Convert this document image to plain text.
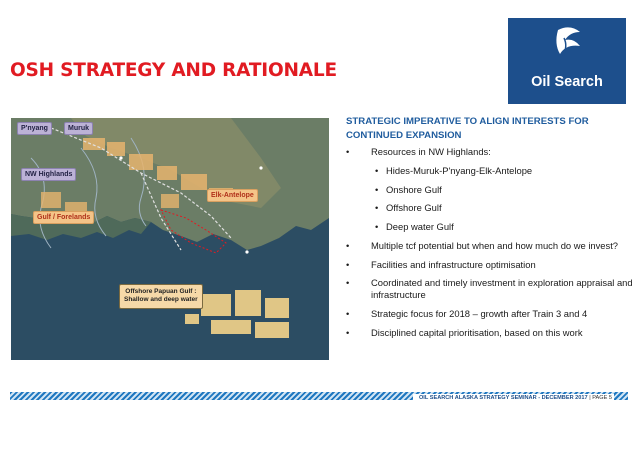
OSH STRATEGY AND RATIONALE
Oil Search
P'nyang	Muruk
NW Highlands
Gulf / Forelands
Elk-Antelope
Offshore Papuan Gulf :
Shallow and deep water
STRATEGIC IMPERATIVE TO ALIGN INTERESTS FOR
CONTINUED EXPANSION
• Resources in NW Highlands:
• Hides-Muruk-P'nyang-Elk-Antelope
• Onshore Gulf
• Offshore Gulf
• Deep water Gulf
• Multiple tcf potential but when and how much do we invest?
• Facilities and infrastructure optimisation
• Coordinated and timely investment in exploration appraisal and infrastructure
• Strategic focus for 2018 – growth after Train 3 and 4
• Disciplined capital prioritisation, based on this work
OIL SEARCH ALASKA STRATEGY SEMINAR - DECEMBER 2017 | PAGE 5
